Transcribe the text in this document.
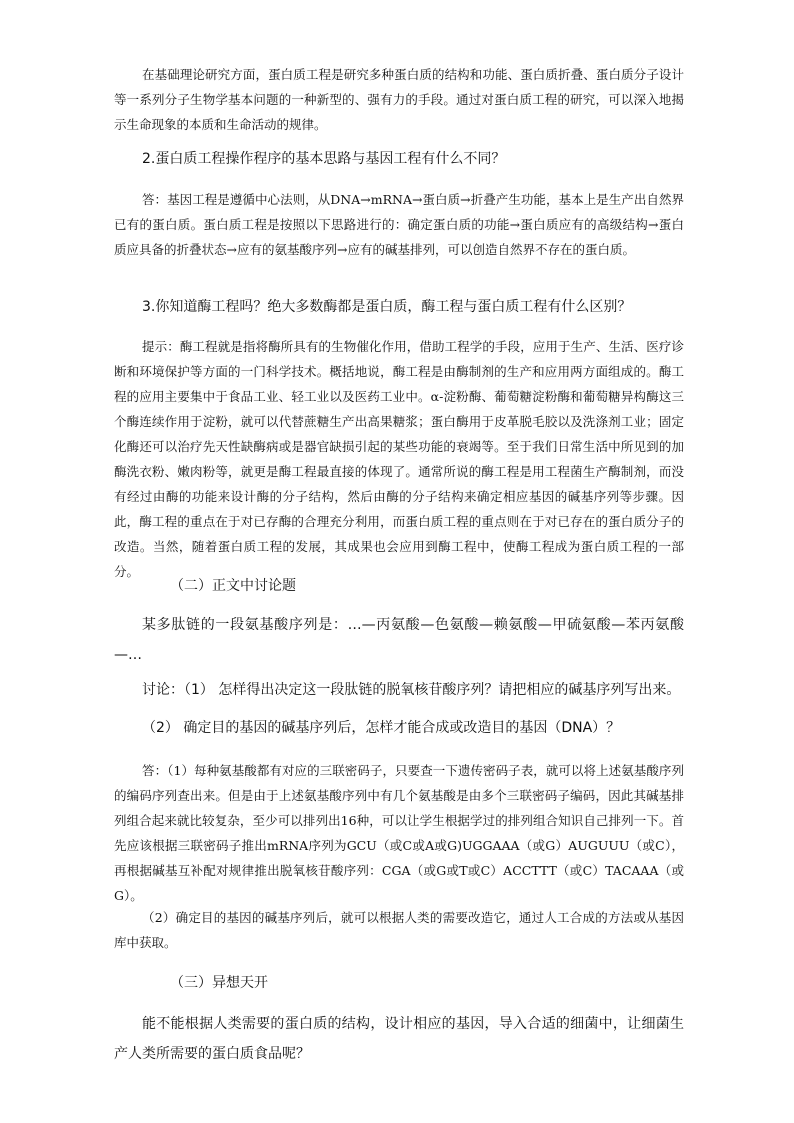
在基础理论研究方面，蛋白质工程是研究多种蛋白质的结构和功能、蛋白质折叠、蛋白质分子设计等一系列分子生物学基本问题的一种新型的、强有力的手段。通过对蛋白质工程的研究，可以深入地揭示生命现象的本质和生命活动的规律。
2.蛋白质工程操作程序的基本思路与基因工程有什么不同？
答：基因工程是遵循中心法则，从DNA→mRNA→蛋白质→折叠产生功能，基本上是生产出自然界已有的蛋白质。蛋白质工程是按照以下思路进行的：确定蛋白质的功能→蛋白质应有的高级结构→蛋白质应具备的折叠状态→应有的氨基酸序列→应有的碱基排列，可以创造自然界不存在的蛋白质。
3.你知道酶工程吗？绝大多数酶都是蛋白质，酶工程与蛋白质工程有什么区别？
提示：酶工程就是指将酶所具有的生物催化作用，借助工程学的手段，应用于生产、生活、医疗诊断和环境保护等方面的一门科学技术。概括地说，酶工程是由酶制剂的生产和应用两方面组成的。酶工程的应用主要集中于食品工业、轻工业以及医药工业中。α-淀粉酶、葡萄糖淀粉酶和葡萄糖异构酶这三个酶连续作用于淀粉，就可以代替蔗糖生产出高果糖浆；蛋白酶用于皮革脱毛胶以及洗涤剂工业；固定化酶还可以治疗先天性缺酶病或是器官缺损引起的某些功能的衰竭等。至于我们日常生活中所见到的加酶洗衣粉、嫩肉粉等，就更是酶工程最直接的体现了。通常所说的酶工程是用工程菌生产酶制剂，而没有经过由酶的功能来设计酶的分子结构，然后由酶的分子结构来确定相应基因的碱基序列等步骤。因此，酶工程的重点在于对已存酶的合理充分利用，而蛋白质工程的重点则在于对已存在的蛋白质分子的改造。当然，随着蛋白质工程的发展，其成果也会应用到酶工程中，使酶工程成为蛋白质工程的一部分。
（二）正文中讨论题
某多肽链的一段氨基酸序列是：…—丙氨酸—色氨酸—赖氨酸—甲硫氨酸—苯丙氨酸—…
讨论：（1） 怎样得出决定这一段肽链的脱氧核苷酸序列？请把相应的碱基序列写出来。
（2） 确定目的基因的碱基序列后，怎样才能合成或改造目的基因（DNA）？
答：（1）每种氨基酸都有对应的三联密码子，只要查一下遗传密码子表，就可以将上述氨基酸序列的编码序列查出来。但是由于上述氨基酸序列中有几个氨基酸是由多个三联密码子编码，因此其碱基排列组合起来就比较复杂，至少可以排列出16种，可以让学生根据学过的排列组合知识自己排列一下。首先应该根据三联密码子推出mRNA序列为GCU（或C或A或G)UGGAAA（或G）AUGUUU（或C），再根据碱基互补配对规律推出脱氧核苷酸序列：CGA（或G或T或C）ACCTTT（或C）TACAAA（或G）。
（2）确定目的基因的碱基序列后，就可以根据人类的需要改造它，通过人工合成的方法或从基因库中获取。
（三）异想天开
能不能根据人类需要的蛋白质的结构，设计相应的基因，导入合适的细菌中，让细菌生产人类所需要的蛋白质食品呢？
